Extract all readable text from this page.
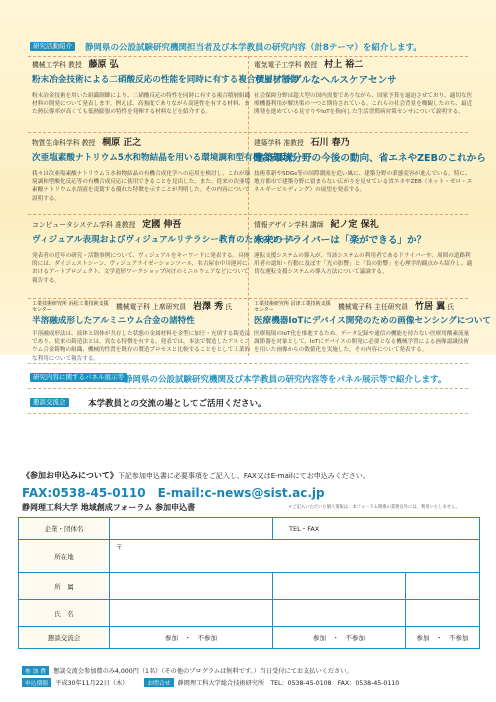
研究活動紹介	静岡県の公設試験研究機関担当者及び本学教員の研究内容（計8テーマ）を紹介します。
機械工学科 教授　 藤原 弘
粉末冶金技術による二硝酸反応の性能を同時に有する複合積層材制御
粉末冶金技術を用いた組織制御により、二硝酸反応の特性を同時に有する複合積層組織材料の開発について発表します。例えば、高強度でありながら高延性を有する材料、また熱伝導率が高くても低熱膨張の特性を発揮する材料などを紹介する。
電気電子工学科 教授　 村上 裕二
ウェアラブルなヘルスケアセンサ
社会保障分野は超大型の国内需要でありながら、国家予算を逼迫させており、適切な医療機器利用が解決策の一つと期待されている。これらの社会背景を概観したのち、最近開発を進めている見守りやIoTを指向した生活習慣病対策センサについて説明する。
物質生命科学科 教授　 桐原 正之
次亜塩素酸ナトリウム5水和物結晶を用いる環境調和型有機合成反応
我々は次亜塩素酸ナトリウム５水和物結晶の有機合成化学への応用を検討し、これが環境調和型酸化反応等の有機合成反応に使用できることを見出した。また、従来の次亜塩素酸ナトリウム水溶液を凌駕する優れた特徴を示すことが判明した。その内容について説明する。
建築学科 准教授　 石川 春乃
建築環境分野の今後の動向、省エネやZEBのこれから
技術革新やSDGs等の国際潮流を追い風に、建築分野の業態変容が進んでいる。特に、地方都市で建築分野に留まらない広がりを見せている省エネやZEB（ネット・ゼロ・エネルギービルディング）の展望を発表する。
コンピュータシステム学科 准教授　 定國 伸吾
ヴィジュアル表現およびヴィジュアルリテラシー教育のためのツール
発表者の近年の研究・活動事例について、ヴィジュアルをキーワードに発表する。具体的には、ダイジェストシーン、ヴィジュアライゼーションツール、名古屋市中川運河におけるアートプロジェクト、文学造形ワークショップ向けのミニルウェアなどについて報告する。
情報デザイン学科 講師　 紀ノ定 保礼
未来のドライバーは「楽ができる」か？
運転支援システムの導入が、当該システムの利用者であるドライバーや、周囲の道路利用者の認知・行動に及ぼす「光の影響」と「負の影響」を心理学的観点から紹介し、適切な運転支援システムの導入方法について議論する。
工業技術研究所 浜松工業技術支援センター	機械電子科 上席研究員　 岩澤 秀 氏
半溶融成形したアルミニウム合金の諸特性
半溶融成形法は、液体と固体が共存した状態の金属材料を金型に加圧・充填する鋳造法であり、従来の鋳造法とは、異なる特徴を有する。発表では、本法で製造したアルミニウム合金鋳物の組織、機械的性質を既存の製造プロセスと比較することをとして工業的な利用について報告する。
工業技術研究所 沼津工業技術支援センター	機械電子科 主任研究員　 竹居 翼 氏
医療機器IoTにデバイス開発のための画像センシングについて
医療現場のIoT化を推進するため、データ記録や通信の機能を持たない医療用酸素流量調節器を対象として、IoTにデバイスの開発に必要となる機械学習による画像認識技術を用いた画像からの数値化を実施した。その内容について発表する。
研究内容に関するパネル展示等 静岡県の公設試験研究機関及び本学教員の研究内容等をパネル展示等で紹介します。
懇談交流会	本学教員との交流の場としてご活用ください。
《参加お申込みについて》下記参加申込書に必要事項をご記入し、FAX又はE-mailにてお申込みください。
FAX:0538-45-0110　 E-mail:c-news@sist.ac.jp
静岡理工科大学 地域創成フォーラム 参加申込書	＊ご記入いただいた個人情報は、本フォーラム関係の業務以外には、利用いたしません。
企業・団体名		TEL・FAX	
所在地	〒		
所　属			
氏　名			
懇談交流会	参加　・　不参加	参加　・　不参加	参加　・　不参加
参 加 費	懇談交流会参加費のみ4,000円（1名）（その他のプログラムは無料です。）当日受付にてお支払いください。
申込期限	平成30年11月22日（木）	お問合せ	静岡理工科大学総合技術研究所　TEL：0538-45-0108　FAX：0538-45-0110
